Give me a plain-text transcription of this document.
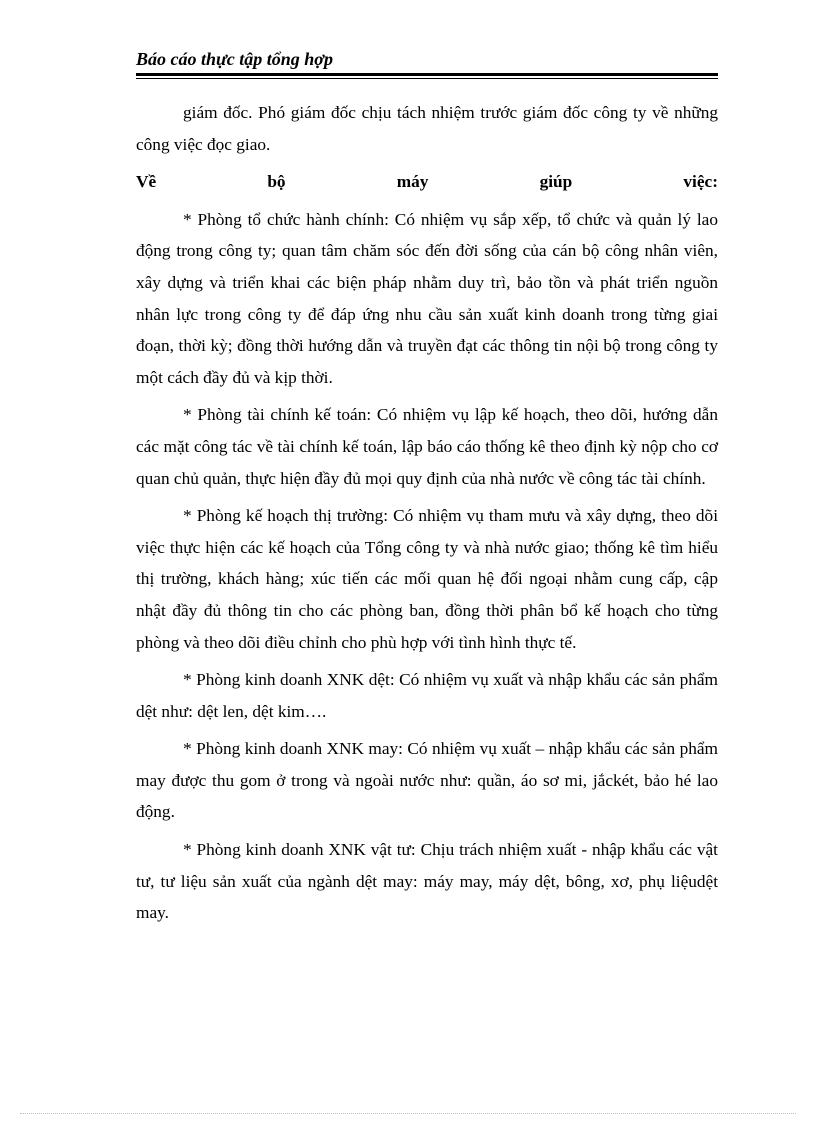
Báo cáo thực tập tổng hợp

giám đốc. Phó giám đốc chịu tách nhiệm trước giám đốc công ty về những công việc đọc giao.

Về	bộ	máy	giúp	việc:

* Phòng tổ chức hành chính: Có nhiệm vụ sắp xếp, tổ chức và quản lý lao động trong công ty; quan tâm chăm sóc đến đời sống của cán bộ công nhân viên, xây dựng và triển khai các biện pháp nhằm duy trì, bảo tồn và phát triển nguồn nhân lực trong công ty để đáp ứng nhu cầu sản xuất kinh doanh trong từng giai đoạn, thời kỳ; đồng thời hướng dẫn và truyền đạt các thông tin nội bộ trong công ty một cách đầy đủ và kịp thời.

* Phòng tài chính kế toán: Có nhiệm vụ lập kế hoạch, theo dõi, hướng dẫn các mặt công tác về tài chính kế toán, lập báo cáo thống kê theo định kỳ nộp cho cơ quan chủ quản, thực hiện đầy đủ mọi quy định của nhà nước về công tác tài chính.

* Phòng kế hoạch thị trường: Có nhiệm vụ tham mưu và xây dựng, theo dõi việc thực hiện các kế hoạch của Tổng công ty và nhà nước giao; thống kê tìm hiểu thị trường, khách hàng; xúc tiến các mối quan hệ đối ngoại nhằm cung cấp, cập nhật đầy đủ thông tin cho các phòng ban, đồng thời phân bổ kế hoạch cho từng phòng và theo dõi điều chỉnh cho phù hợp với tình hình thực tế.

* Phòng kinh doanh XNK dệt: Có nhiệm vụ xuất và nhập khẩu các sản phẩm dệt như: dệt len, dệt kim….

* Phòng kinh doanh XNK may: Có nhiệm vụ xuất – nhập khẩu các sản phẩm may được thu gom ở trong và ngoài nước như: quần, áo sơ mi, jắckét, bảo hé lao động.

* Phòng kinh doanh XNK vật tư: Chịu trách nhiệm xuất - nhập khẩu các vật tư, tư liệu sản xuất của ngành dệt may: máy may, máy dệt, bông, xơ, phụ liệudệt may.
